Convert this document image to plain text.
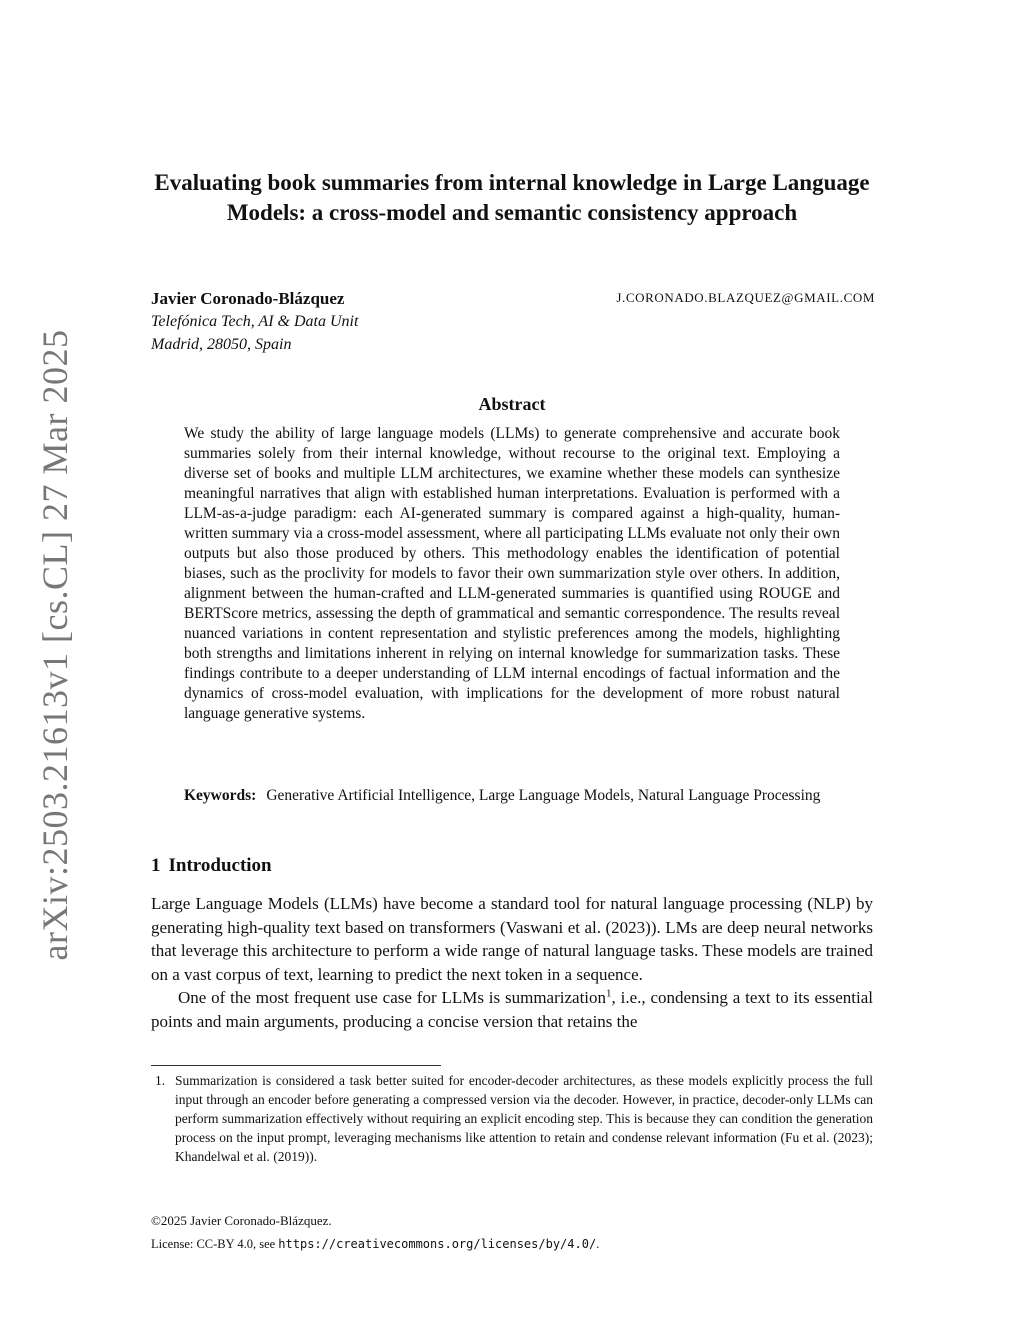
arXiv:2503.21613v1 [cs.CL] 27 Mar 2025
Evaluating book summaries from internal knowledge in Large Language Models: a cross-model and semantic consistency approach
Javier Coronado-Blázquez	J.CORONADO.BLAZQUEZ@GMAIL.COM
Telefónica Tech, AI & Data Unit
Madrid, 28050, Spain
Abstract

We study the ability of large language models (LLMs) to generate comprehensive and accurate book summaries solely from their internal knowledge, without recourse to the original text. Employing a diverse set of books and multiple LLM architectures, we examine whether these models can synthesize meaningful narratives that align with established human interpretations. Evaluation is performed with a LLM-as-a-judge paradigm: each AI-generated summary is compared against a high-quality, human-written summary via a cross-model assessment, where all participating LLMs evaluate not only their own outputs but also those produced by others. This methodology enables the identification of potential biases, such as the proclivity for models to favor their own summarization style over others. In addition, alignment between the human-crafted and LLM-generated summaries is quantified using ROUGE and BERTScore metrics, assessing the depth of grammatical and semantic correspondence. The results reveal nuanced variations in content representation and stylistic preferences among the models, highlighting both strengths and limitations inherent in relying on internal knowledge for summarization tasks. These findings contribute to a deeper understanding of LLM internal encodings of factual information and the dynamics of cross-model evaluation, with implications for the development of more robust natural language generative systems.

Keywords: Generative Artificial Intelligence, Large Language Models, Natural Language Processing

1 Introduction

Large Language Models (LLMs) have become a standard tool for natural language processing (NLP) by generating high-quality text based on transformers (Vaswani et al. (2023)). LMs are deep neural networks that leverage this architecture to perform a wide range of natural language tasks. These models are trained on a vast corpus of text, learning to predict the next token in a sequence.

One of the most frequent use case for LLMs is summarization$^1$, i.e., condensing a text to its essential points and main arguments, producing a concise version that retains the

1. Summarization is considered a task better suited for encoder-decoder architectures, as these models explicitly process the full input through an encoder before generating a compressed version via the decoder. However, in practice, decoder-only LLMs can perform summarization effectively without requiring an explicit encoding step. This is because they can condition the generation process on the input prompt, leveraging mechanisms like attention to retain and condense relevant information (Fu et al. (2023); Khandelwal et al. (2019)).
©2025 Javier Coronado-Blázquez.
License: CC-BY 4.0, see https://creativecommons.org/licenses/by/4.0/.
